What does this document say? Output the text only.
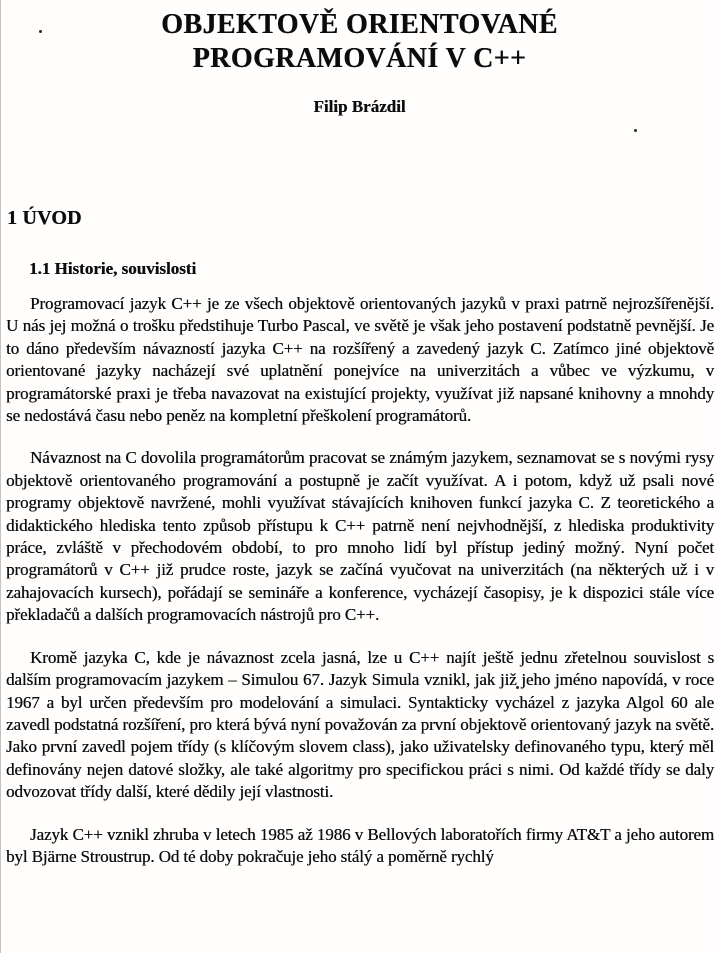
OBJEKTOVĚ ORIENTOVANÉ
PROGRAMOVÁNÍ V C++

Filip Brázdil

1 ÚVOD
1.1 Historie, souvislosti

Programovací jazyk C++ je ze všech objektově orientovaných jazyků v praxi patrně nejrozšířenější. U nás jej možná o trošku předstihuje Turbo Pascal, ve světě je však jeho postavení podstatně pevnější. Je to dáno především návazností jazyka C++ na rozšířený a zavedený jazyk C. Zatímco jiné objektově orientované jazyky nacházejí své uplatnění ponejvíce na univerzitách a vůbec ve výzkumu, v programátorské praxi je třeba navazovat na existující projekty, využívat již napsané knihovny a mnohdy se nedostává času nebo peněz na kompletní přeškolení programátorů.

Návaznost na C dovolila programátorům pracovat se známým jazykem, seznamovat se s novými rysy objektově orientovaného programování a postupně je začít využívat. A i potom, když už psali nové programy objektově navržené, mohli využívat stávajících knihoven funkcí jazyka C. Z teoretického a didaktického hlediska tento způsob přístupu k C++ patrně není nejvhodnější, z hlediska produktivity práce, zvláště v přechodovém období, to pro mnoho lidí byl přístup jediný možný. Nyní počet programátorů v C++ již prudce roste, jazyk se začíná vyučovat na univerzitách (na některých už i v zahajovacích kursech), pořádají se semináře a konference, vycházejí časopisy, je k dispozici stále více překladačů a dalších programovacích nástrojů pro C++.

Kromě jazyka C, kde je návaznost zcela jasná, lze u C++ najít ještě jednu zřetelnou souvislost s dalším programovacím jazykem – Simulou 67. Jazyk Simula vznikl, jak již jeho jméno napovídá, v roce 1967 a byl určen především pro modelování a simulaci. Syntakticky vycházel z jazyka Algol 60 ale zavedl podstatná rozšíření, pro která bývá nyní považován za první objektově orientovaný jazyk na světě. Jako první zavedl pojem třídy (s klíčovým slovem class), jako uživatelsky definovaného typu, který měl definovány nejen datové složky, ale také algoritmy pro specifickou práci s nimi. Od každé třídy se daly odvozovat třídy další, které dědily její vlastnosti.

Jazyk C++ vznikl zhruba v letech 1985 až 1986 v Bellových laboratořích firmy AT&T a jeho autorem byl Bjärne Stroustrup. Od té doby pokračuje jeho stálý a poměrně rychlý
